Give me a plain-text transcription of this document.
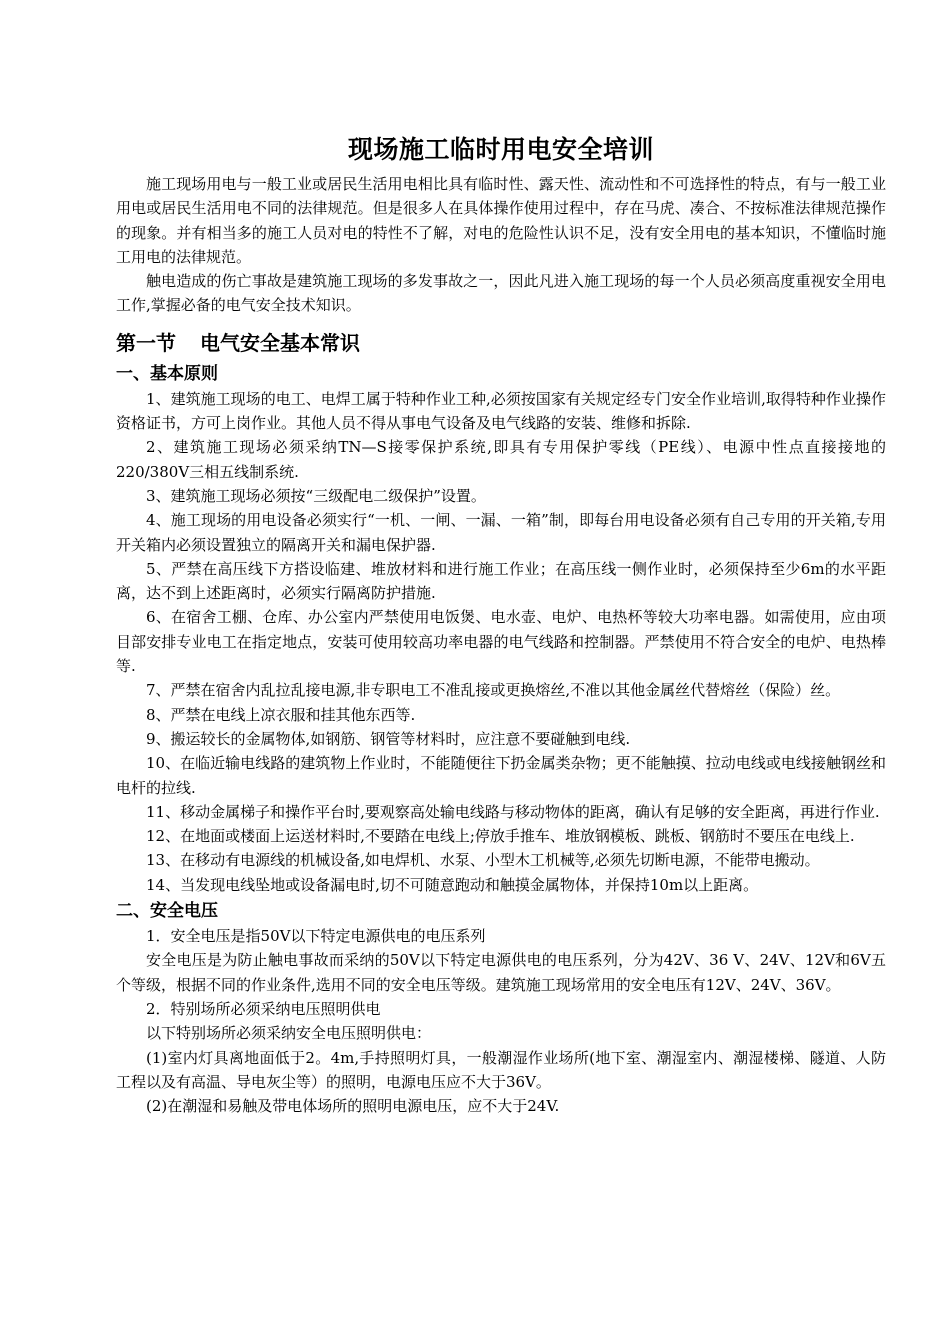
现场施工临时用电安全培训

施工现场用电与一般工业或居民生活用电相比具有临时性、露天性、流动性和不可选择性的特点，有与一般工业用电或居民生活用电不同的法律规范。但是很多人在具体操作使用过程中，存在马虎、凑合、不按标准法律规范操作的现象。并有相当多的施工人员对电的特性不了解，对电的危险性认识不足，没有安全用电的基本知识，不懂临时施工用电的法律规范。

触电造成的伤亡事故是建筑施工现场的多发事故之一，因此凡进入施工现场的每一个人员必须高度重视安全用电工作,掌握必备的电气安全技术知识。

第一节 电气安全基本常识
一、基本原则

1、建筑施工现场的电工、电焊工属于特种作业工种,必须按国家有关规定经专门安全作业培训,取得特种作业操作资格证书，方可上岗作业。其他人员不得从事电气设备及电气线路的安装、维修和拆除.

2、建筑施工现场必须采纳TN—S接零保护系统,即具有专用保护零线（PE线）、电源中性点直接接地的220/380V三相五线制系统.

3、建筑施工现场必须按“三级配电二级保护”设置。

4、施工现场的用电设备必须实行“一机、一闸、一漏、一箱”制，即每台用电设备必须有自己专用的开关箱,专用开关箱内必须设置独立的隔离开关和漏电保护器.

5、严禁在高压线下方搭设临建、堆放材料和进行施工作业；在高压线一侧作业时，必须保持至少6m的水平距离，达不到上述距离时，必须实行隔离防护措施.

6、在宿舍工棚、仓库、办公室内严禁使用电饭煲、电水壶、电炉、电热杯等较大功率电器。如需使用，应由项目部安排专业电工在指定地点，安装可使用较高功率电器的电气线路和控制器。严禁使用不符合安全的电炉、电热棒等.

7、严禁在宿舍内乱拉乱接电源,非专职电工不准乱接或更换熔丝,不准以其他金属丝代替熔丝（保险）丝。

8、严禁在电线上凉衣服和挂其他东西等.

9、搬运较长的金属物体,如钢筋、钢管等材料时，应注意不要碰触到电线.

10、在临近输电线路的建筑物上作业时，不能随便往下扔金属类杂物；更不能触摸、拉动电线或电线接触钢丝和电杆的拉线.

11、移动金属梯子和操作平台时,要观察高处输电线路与移动物体的距离，确认有足够的安全距离，再进行作业.

12、在地面或楼面上运送材料时,不要踏在电线上;停放手推车、堆放钢模板、跳板、钢筋时不要压在电线上.

13、在移动有电源线的机械设备,如电焊机、水泵、小型木工机械等,必须先切断电源，不能带电搬动。

14、当发现电线坠地或设备漏电时,切不可随意跑动和触摸金属物体，并保持10m以上距离。

二、安全电压

1．安全电压是指50V以下特定电源供电的电压系列

安全电压是为防止触电事故而采纳的50V以下特定电源供电的电压系列，分为42V、36 V、24V、12V和6V五个等级，根据不同的作业条件,选用不同的安全电压等级。建筑施工现场常用的安全电压有12V、24V、36V。

2．特别场所必须采纳电压照明供电

以下特别场所必须采纳安全电压照明供电：

(1)室内灯具离地面低于2。4m,手持照明灯具，一般潮湿作业场所(地下室、潮湿室内、潮湿楼梯、隧道、人防工程以及有高温、导电灰尘等）的照明，电源电压应不大于36V。

(2)在潮湿和易触及带电体场所的照明电源电压，应不大于24V.
